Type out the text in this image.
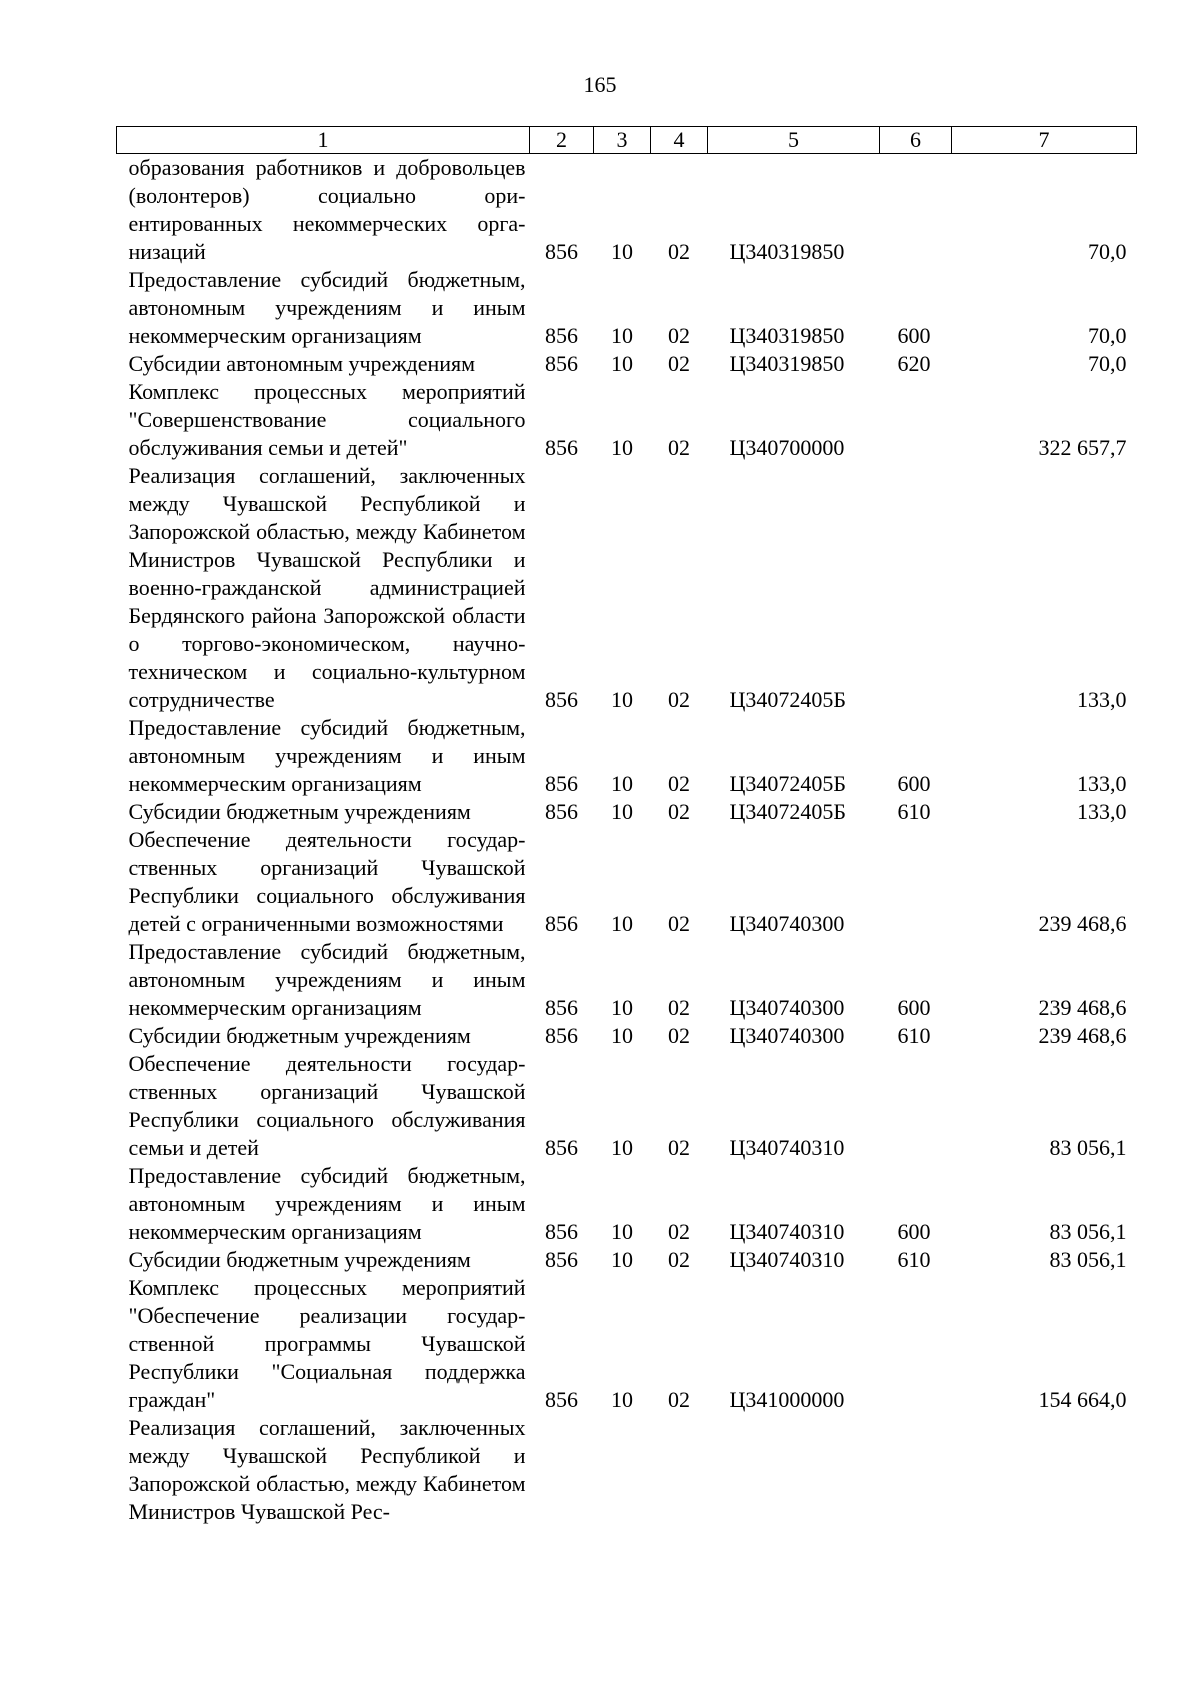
165
1	2	3	4	5	6	7
образования работников и добровольцев (волонтеров) социально ориентированных некоммерческих организаций	856	10	02	Ц340319850		70,0
Предоставление субсидий бюджетным, автономным учреждениям и иным некоммерческим организациям	856	10	02	Ц340319850	600	70,0
Субсидии автономным учреждениям	856	10	02	Ц340319850	620	70,0
Комплекс процессных мероприятий "Совершенствование социального обслуживания семьи и детей"	856	10	02	Ц340700000		322 657,7
Реализация соглашений, заключенных между Чувашской Республикой и Запорожской областью, между Кабинетом Министров Чувашской Республики и военно-гражданской администрацией Бердянского района Запорожской области о торгово-экономическом, научно-техническом и социально-культурном сотрудничестве	856	10	02	Ц34072405Б		133,0
Предоставление субсидий бюджетным, автономным учреждениям и иным некоммерческим организациям	856	10	02	Ц34072405Б	600	133,0
Субсидии бюджетным учреждениям	856	10	02	Ц34072405Б	610	133,0
Обеспечение деятельности государственных организаций Чувашской Республики социального обслуживания детей с ограниченными возможностями	856	10	02	Ц340740300		239 468,6
Предоставление субсидий бюджетным, автономным учреждениям и иным некоммерческим организациям	856	10	02	Ц340740300	600	239 468,6
Субсидии бюджетным учреждениям	856	10	02	Ц340740300	610	239 468,6
Обеспечение деятельности государственных организаций Чувашской Республики социального обслуживания семьи и детей	856	10	02	Ц340740310		83 056,1
Предоставление субсидий бюджетным, автономным учреждениям и иным некоммерческим организациям	856	10	02	Ц340740310	600	83 056,1
Субсидии бюджетным учреждениям	856	10	02	Ц340740310	610	83 056,1
Комплекс процессных мероприятий "Обеспечение реализации государственной программы Чувашской Республики "Социальная поддержка граждан"	856	10	02	Ц341000000		154 664,0
Реализация соглашений, заключенных между Чувашской Республикой и Запорожской областью, между Кабинетом Министров Чувашской Рес-						
